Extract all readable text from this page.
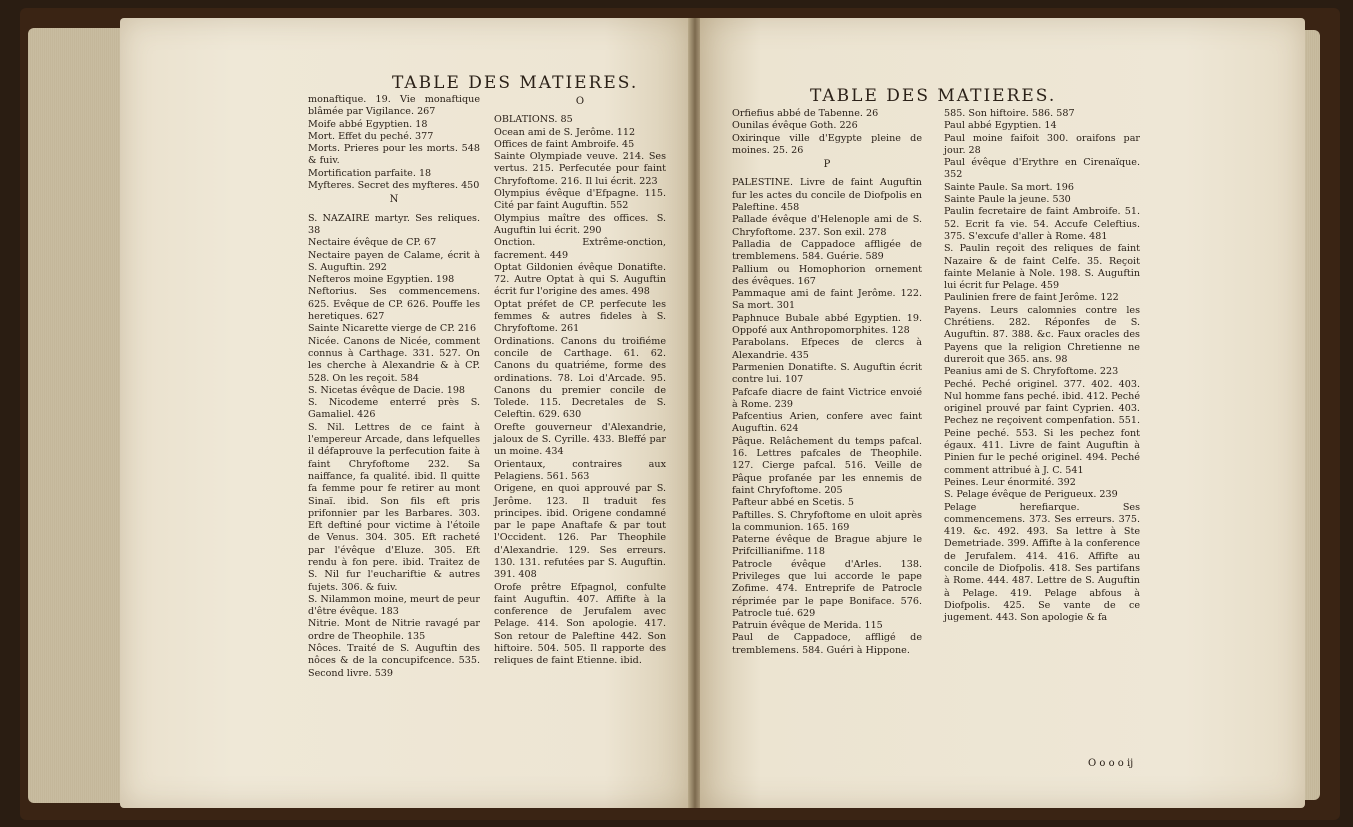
TABLE DES MATIERES.

monaftique. 19. Vie monaftique blâmée par Vigilance. 267

Moife abbé Egyptien. 18

Mort. Effet du peché. 377

Morts. Prieres pour les morts. 548 & fuiv.

Mortification parfaite. 18

Myfteres. Secret des myfteres. 450

N

S. NAZAIRE martyr. Ses reliques. 38

Nectaire évêque de CP. 67

Nectaire payen de Calame, écrit à S. Auguftin. 292

Nefteros moine Egyptien. 198

Neftorius. Ses commencemens. 625. Evêque de CP. 626. Pouffe les heretiques. 627

Sainte Nicarette vierge de CP. 216

Nicée. Canons de Nicée, comment connus à Carthage. 331. 527. On les cherche à Alexandrie & à CP. 528. On les reçoit. 584

S. Nicetas évêque de Dacie. 198

S. Nicodeme enterré près S. Gamaliel. 426

S. Nil. Lettres de ce faint à l'empereur Arcade, dans lefquelles il défaprouve la perfecution faite à faint Chryfoftome 232. Sa naiffance, fa qualité. ibid. Il quitte fa femme pour fe retirer au mont Sinaï. ibid. Son fils eft pris prifonnier par les Barbares. 303. Eft deftiné pour victime à l'étoile de Venus. 304. 305. Eft racheté par l'évêque d'Eluze. 305. Eft rendu à fon pere. ibid. Traitez de S. Nil fur l'euchariftie & autres fujets. 306. & fuiv.

S. Nilammon moine, meurt de peur d'être évêque. 183

Nitrie. Mont de Nitrie ravagé par ordre de Theophile. 135

Nôces. Traité de S. Auguftin des nôces & de la concupifcence. 535. Second livre. 539

O

OBLATIONS. 85

Ocean ami de S. Jerôme. 112

Offices de faint Ambroife. 45

Sainte Olympiade veuve. 214. Ses vertus. 215. Perfecutée pour faint Chryfoftome. 216. Il lui écrit. 223

Olympius évêque d'Efpagne. 115. Cité par faint Auguftin. 552

Olympius maître des offices. S. Auguftin lui écrit. 290

Onction. Extrême-onction, facrement. 449

Optat Gildonien évêque Donatifte. 72. Autre Optat à qui S. Auguftin écrit fur l'origine des ames. 498

Optat préfet de CP. perfecute les femmes & autres fideles à S. Chryfoftome. 261

Ordinations. Canons du troifiéme concile de Carthage. 61. 62. Canons du quatriéme, forme des ordinations. 78. Loi d'Arcade. 95. Canons du premier concile de Tolede. 115. Decretales de S. Celeftin. 629. 630

Orefte gouverneur d'Alexandrie, jaloux de S. Cyrille. 433. Bleffé par un moine. 434

Orientaux, contraires aux Pelagiens. 561. 563

Origene, en quoi approuvé par S. Jerôme. 123. Il traduit fes principes. ibid. Origene condamné par le pape Anaftafe & par tout l'Occident. 126. Par Theophile d'Alexandrie. 129. Ses erreurs. 130. 131. refutées par S. Auguftin. 391. 408

Orofe prêtre Efpagnol, confulte faint Auguftin. 407. Affifte à la conference de Jerufalem avec Pelage. 414. Son apologie. 417. Son retour de Paleftine 442. Son hiftoire. 504. 505. Il rapporte des reliques de faint Etienne. ibid.

TABLE DES MATIERES.

Orfiefius abbé de Tabenne. 26

Ounilas évêque Goth. 226

Oxirinque ville d'Egypte pleine de moines. 25. 26

P

PALESTINE. Livre de faint Auguftin fur les actes du concile de Diofpolis en Paleftine. 458

Pallade évêque d'Helenople ami de S. Chryfoftome. 237. Son exil. 278

Palladia de Cappadoce affligée de tremblemens. 584. Guérie. 589

Pallium ou Homophorion ornement des évêques. 167

Pammaque ami de faint Jerôme. 122. Sa mort. 301

Paphnuce Bubale abbé Egyptien. 19. Oppofé aux Anthropomorphites. 128

Parabolans. Efpeces de clercs à Alexandrie. 435

Parmenien Donatifte. S. Auguftin écrit contre lui. 107

Pafcafe diacre de faint Victrice envoié à Rome. 239

Pafcentius Arien, confere avec faint Auguftin. 624

Pâque. Relâchement du temps pafcal. 16. Lettres pafcales de Theophile. 127. Cierge pafcal. 516. Veille de Pâque profanée par les ennemis de faint Chryfoftome. 205

Pafteur abbé en Scetis. 5

Paftilles. S. Chryfoftome en uloit après la communion. 165. 169

Paterne évêque de Brague abjure le Prifcillianifme. 118

Patrocle évêque d'Arles. 138. Privileges que lui accorde le pape Zofime. 474. Entreprife de Patrocle réprimée par le pape Boniface. 576. Patrocle tué. 629

Patruin évêque de Merida. 115

Paul de Cappadoce, affligé de tremblemens. 584. Guéri à Hippone.

585. Son hiftoire. 586. 587

Paul abbé Egyptien. 14

Paul moine faifoit 300. oraifons par jour. 28

Paul évêque d'Erythre en Cirenaïque. 352

Sainte Paule. Sa mort. 196

Sainte Paule la jeune. 530

Paulin fecretaire de faint Ambroife. 51. 52. Ecrit fa vie. 54. Accufe Celeftius. 375. S'excufe d'aller à Rome. 481

S. Paulin reçoit des reliques de faint Nazaire & de faint Celfe. 35. Reçoit fainte Melanie à Nole. 198. S. Auguftin lui écrit fur Pelage. 459

Paulinien frere de faint Jerôme. 122

Payens. Leurs calomnies contre les Chrétiens. 282. Réponfes de S. Auguftin. 87. 388. &c. Faux oracles des Payens que la religion Chretienne ne dureroit que 365. ans. 98

Peanius ami de S. Chryfoftome. 223

Peché. Peché originel. 377. 402. 403. Nul homme fans peché. ibid. 412. Peché originel prouvé par faint Cyprien. 403. Pechez ne reçoivent compenfation. 551. Peine peché. 553. Si les pechez font égaux. 411. Livre de faint Auguftin à Pinien fur le peché originel. 494. Peché comment attribué à J. C. 541

Peines. Leur énormité. 392

S. Pelage évêque de Perigueux. 239

Pelage herefiarque. Ses commencemens. 373. Ses erreurs. 375. 419. &c. 492. 493. Sa lettre à Ste Demetriade. 399. Affifte à la conference de Jerufalem. 414. 416. Affifte au concile de Diofpolis. 418. Ses partifans à Rome. 444. 487. Lettre de S. Auguftin à Pelage. 419. Pelage abfous à Diofpolis. 425. Se vante de ce jugement. 443. Son apologie & fa

O o o o ij
